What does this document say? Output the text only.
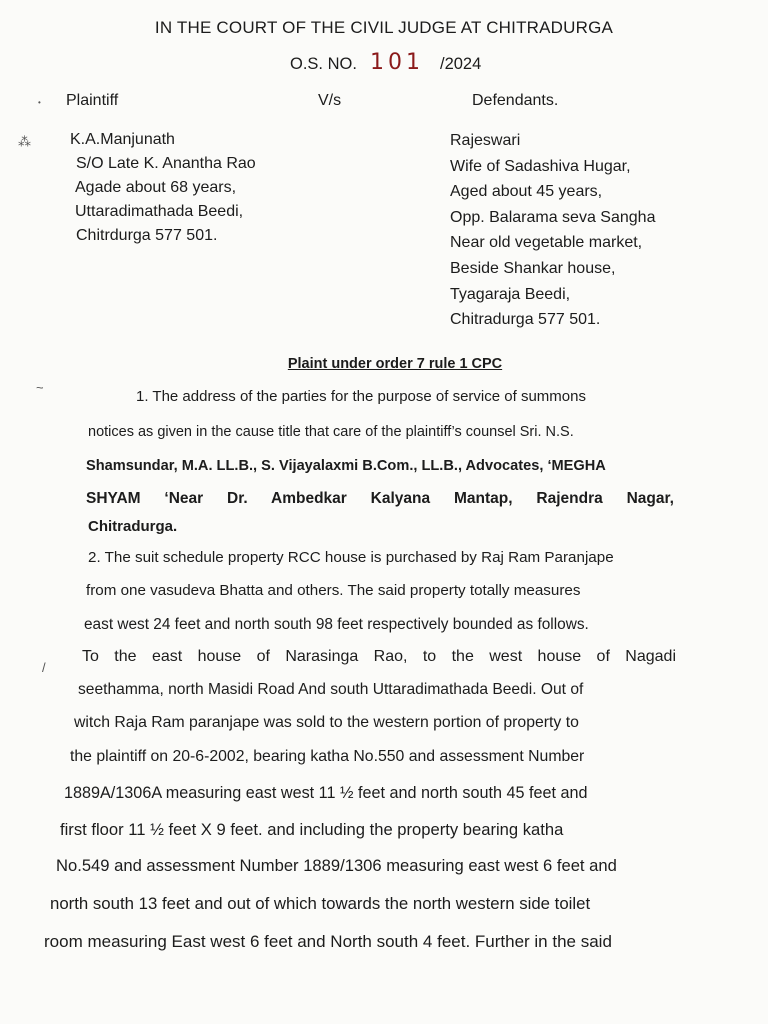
IN THE COURT OF THE CIVIL JUDGE AT CHITRADURGA
O.S. NO. 101 /2024
Plaintiff	V/s	Defendants.
K.A.Manjunath
S/O Late K. Anantha Rao
Agade about 68 years,
Uttaradimathada Beedi,
Chitrdurga 577 501.
Rajeswari
Wife of Sadashiva Hugar,
Aged about 45 years,
Opp. Balarama seva Sangha
Near old vegetable market,
Beside Shankar house,
Tyagaraja Beedi,
Chitradurga 577 501.
Plaint under order 7 rule 1 CPC
1. The address of the parties for the purpose of service of summons
notices as given in the cause title that care of the plaintiff’s counsel Sri. N.S.
Shamsundar, M.A. LL.B., S. Vijayalaxmi B.Com., LL.B., Advocates, ‘MEGHA
SHYAM ‘Near Dr. Ambedkar Kalyana Mantap, Rajendra Nagar,
Chitradurga.
2. The suit schedule property RCC house is purchased by Raj Ram Paranjape
from one vasudeva Bhatta and others. The said property totally measures
east west 24 feet and north south 98 feet respectively bounded as follows.
To the east house of Narasinga Rao, to the west house of Nagadi
seethamma, north Masidi Road And south Uttaradimathada Beedi. Out of
witch Raja Ram paranjape was sold to the western portion of property to
the plaintiff on 20-6-2002, bearing katha No.550 and assessment Number
1889A/1306A measuring east west 11 ½ feet and north south 45 feet and
first floor 11 ½ feet X 9 feet. and including the property bearing katha
No.549 and assessment Number 1889/1306 measuring east west 6 feet and
north south 13 feet and out of which towards the north western side toilet
room measuring East west 6 feet and North south 4 feet. Further in the said
⁂
~
/
•
